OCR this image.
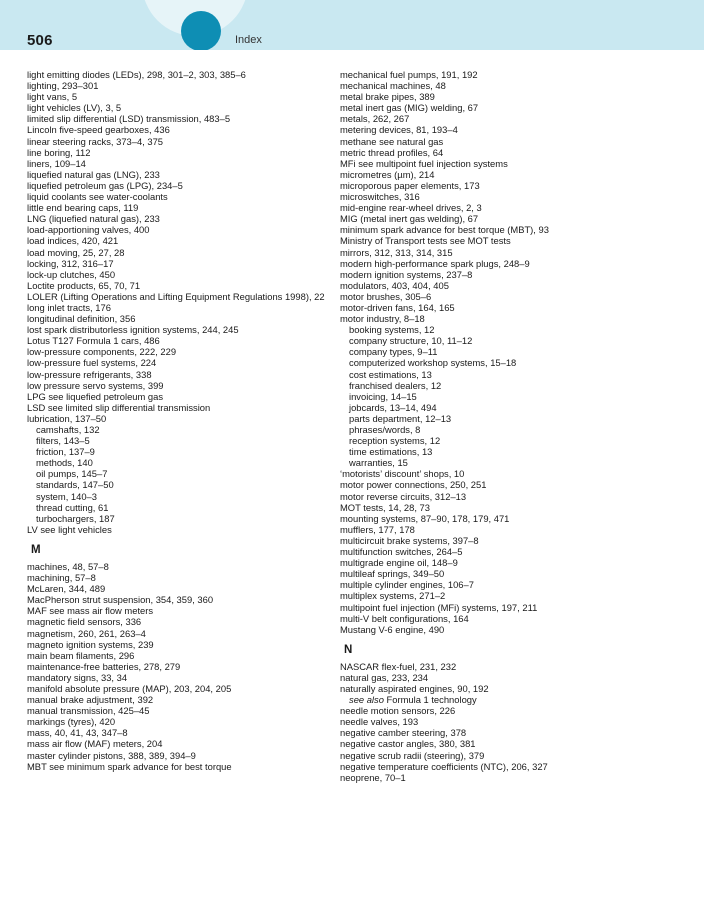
506	Index
light emitting diodes (LEDs), 298, 301–2, 303, 385–6
lighting, 293–301
light vans, 5
light vehicles (LV), 3, 5
limited slip differential (LSD) transmission, 483–5
Lincoln five-speed gearboxes, 436
linear steering racks, 373–4, 375
line boring, 112
liners, 109–14
liquefied natural gas (LNG), 233
liquefied petroleum gas (LPG), 234–5
liquid coolants see water-coolants
little end bearing caps, 119
LNG (liquefied natural gas), 233
load-apportioning valves, 400
load indices, 420, 421
load moving, 25, 27, 28
locking, 312, 316–17
lock-up clutches, 450
Loctite products, 65, 70, 71
LOLER (Lifting Operations and Lifting Equipment Regulations 1998), 22
long inlet tracts, 176
longitudinal definition, 356
lost spark distributorless ignition systems, 244, 245
Lotus T127 Formula 1 cars, 486
low-pressure components, 222, 229
low-pressure fuel systems, 224
low-pressure refrigerants, 338
low pressure servo systems, 399
LPG see liquefied petroleum gas
LSD see limited slip differential transmission
lubrication, 137–50
camshafts, 132
filters, 143–5
friction, 137–9
methods, 140
oil pumps, 145–7
standards, 147–50
system, 140–3
thread cutting, 61
turbochargers, 187
LV see light vehicles
M
machines, 48, 57–8
machining, 57–8
McLaren, 344, 489
MacPherson strut suspension, 354, 359, 360
MAF see mass air flow meters
magnetic field sensors, 336
magnetism, 260, 261, 263–4
magneto ignition systems, 239
main beam filaments, 296
maintenance-free batteries, 278, 279
mandatory signs, 33, 34
manifold absolute pressure (MAP), 203, 204, 205
manual brake adjustment, 392
manual transmission, 425–45
markings (tyres), 420
mass, 40, 41, 43, 347–8
mass air flow (MAF) meters, 204
master cylinder pistons, 388, 389, 394–9
MBT see minimum spark advance for best torque
mechanical fuel pumps, 191, 192
mechanical machines, 48
metal brake pipes, 389
metal inert gas (MIG) welding, 67
metals, 262, 267
metering devices, 81, 193–4
methane see natural gas
metric thread profiles, 64
MFi see multipoint fuel injection systems
micrometres (µm), 214
microporous paper elements, 173
microswitches, 316
mid-engine rear-wheel drives, 2, 3
MIG (metal inert gas welding), 67
minimum spark advance for best torque (MBT), 93
Ministry of Transport tests see MOT tests
mirrors, 312, 313, 314, 315
modern high-performance spark plugs, 248–9
modern ignition systems, 237–8
modulators, 403, 404, 405
motor brushes, 305–6
motor-driven fans, 164, 165
motor industry, 8–18
booking systems, 12
company structure, 10, 11–12
company types, 9–11
computerized workshop systems, 15–18
cost estimations, 13
franchised dealers, 12
invoicing, 14–15
jobcards, 13–14, 494
parts department, 12–13
phrases/words, 8
reception systems, 12
time estimations, 13
warranties, 15
‘motorists’ discount’ shops, 10
motor power connections, 250, 251
motor reverse circuits, 312–13
MOT tests, 14, 28, 73
mounting systems, 87–90, 178, 179, 471
mufflers, 177, 178
multicircuit brake systems, 397–8
multifunction switches, 264–5
multigrade engine oil, 148–9
multileaf springs, 349–50
multiple cylinder engines, 106–7
multiplex systems, 271–2
multipoint fuel injection (MFi) systems, 197, 211
multi-V belt configurations, 164
Mustang V-6 engine, 490
N
NASCAR flex-fuel, 231, 232
natural gas, 233, 234
naturally aspirated engines, 90, 192
see also Formula 1 technology
needle motion sensors, 226
needle valves, 193
negative camber steering, 378
negative castor angles, 380, 381
negative scrub radii (steering), 379
negative temperature coefficients (NTC), 206, 327
neoprene, 70–1
